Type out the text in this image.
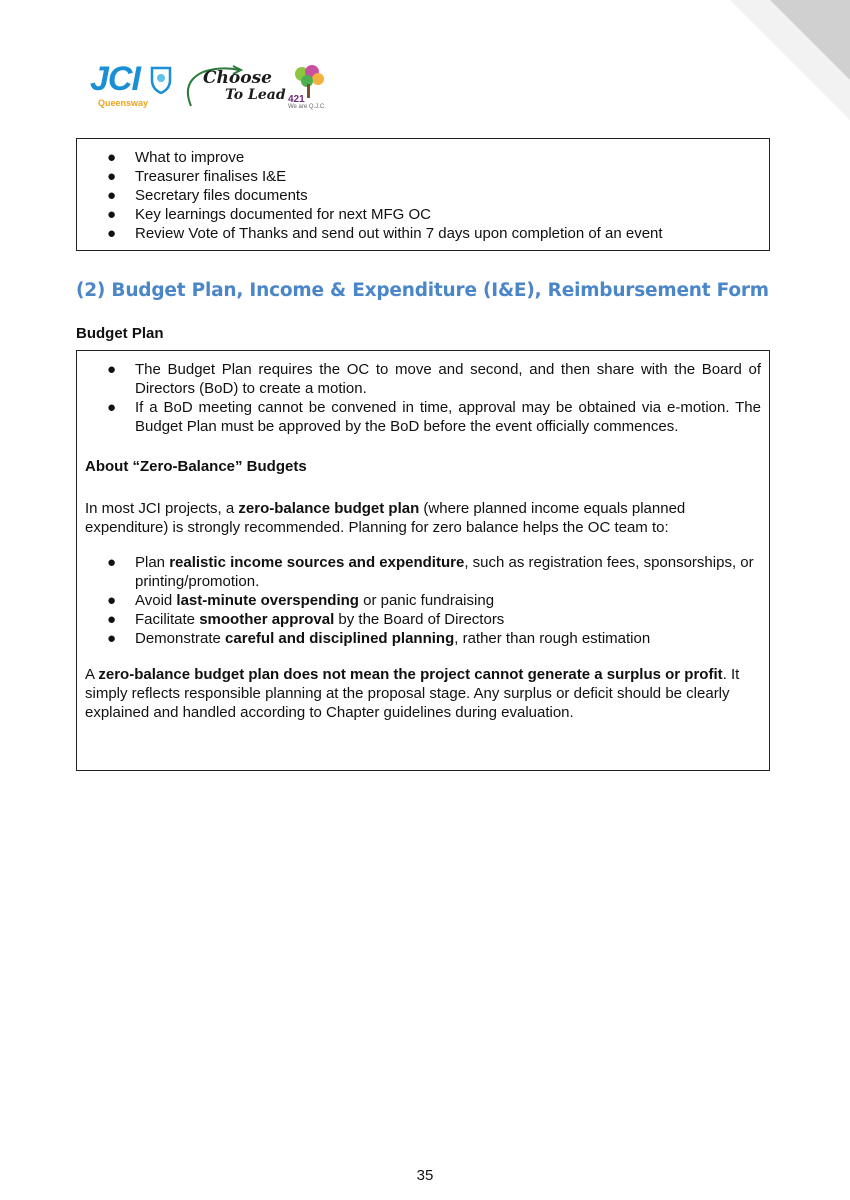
JCI
Queensway
Choose
To Lead 421
We are Q.J.C.
● What to improve
● Treasurer finalises I&E
● Secretary files documents
● Key learnings documented for next MFG OC
● Review Vote of Thanks and send out within 7 days upon completion of an event
(2) Budget Plan, Income & Expenditure (I&E), Reimbursement Form
Budget Plan
● The Budget Plan requires the OC to move and second, and then share with the Board of Directors (BoD) to create a motion.
● If a BoD meeting cannot be convened in time, approval may be obtained via e-motion. The Budget Plan must be approved by the BoD before the event officially commences.

About “Zero-Balance” Budgets

In most JCI projects, a zero-balance budget plan (where planned income equals planned expenditure) is strongly recommended. Planning for zero balance helps the OC team to:

● Plan realistic income sources and expenditure, such as registration fees, sponsorships, or printing/promotion.
● Avoid last-minute overspending or panic fundraising
● Facilitate smoother approval by the Board of Directors
● Demonstrate careful and disciplined planning, rather than rough estimation

A zero-balance budget plan does not mean the project cannot generate a surplus or profit. It simply reflects responsible planning at the proposal stage. Any surplus or deficit should be clearly explained and handled according to Chapter guidelines during evaluation.

35
